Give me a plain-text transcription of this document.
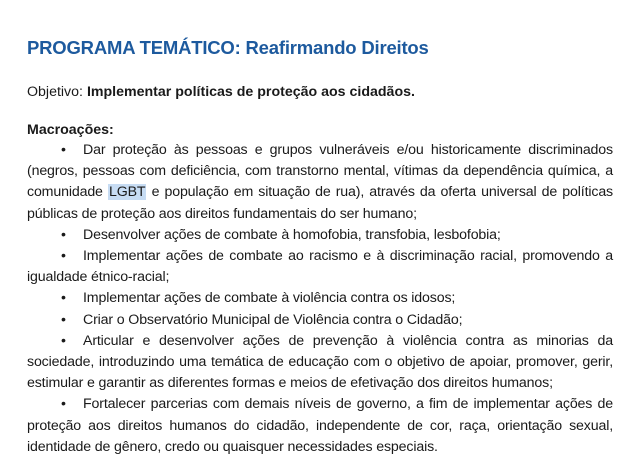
PROGRAMA TEMÁTICO: Reafirmando Direitos

Objetivo: Implementar políticas de proteção aos cidadãos.

Macroações:

• Dar proteção às pessoas e grupos vulneráveis e/ou historicamente discriminados (negros, pessoas com deficiência, com transtorno mental, vítimas da dependência química, a comunidade LGBT e população em situação de rua), através da oferta universal de políticas públicas de proteção aos direitos fundamentais do ser humano;
• Desenvolver ações de combate à homofobia, transfobia, lesbofobia;
• Implementar ações de combate ao racismo e à discriminação racial, promovendo a igualdade étnico-racial;
• Implementar ações de combate à violência contra os idosos;
• Criar o Observatório Municipal de Violência contra o Cidadão;
• Articular e desenvolver ações de prevenção à violência contra as minorias da sociedade, introduzindo uma temática de educação com o objetivo de apoiar, promover, gerir, estimular e garantir as diferentes formas e meios de efetivação dos direitos humanos;
• Fortalecer parcerias com demais níveis de governo, a fim de implementar ações de proteção aos direitos humanos do cidadão, independente de cor, raça, orientação sexual, identidade de gênero, credo ou quaisquer necessidades especiais.
